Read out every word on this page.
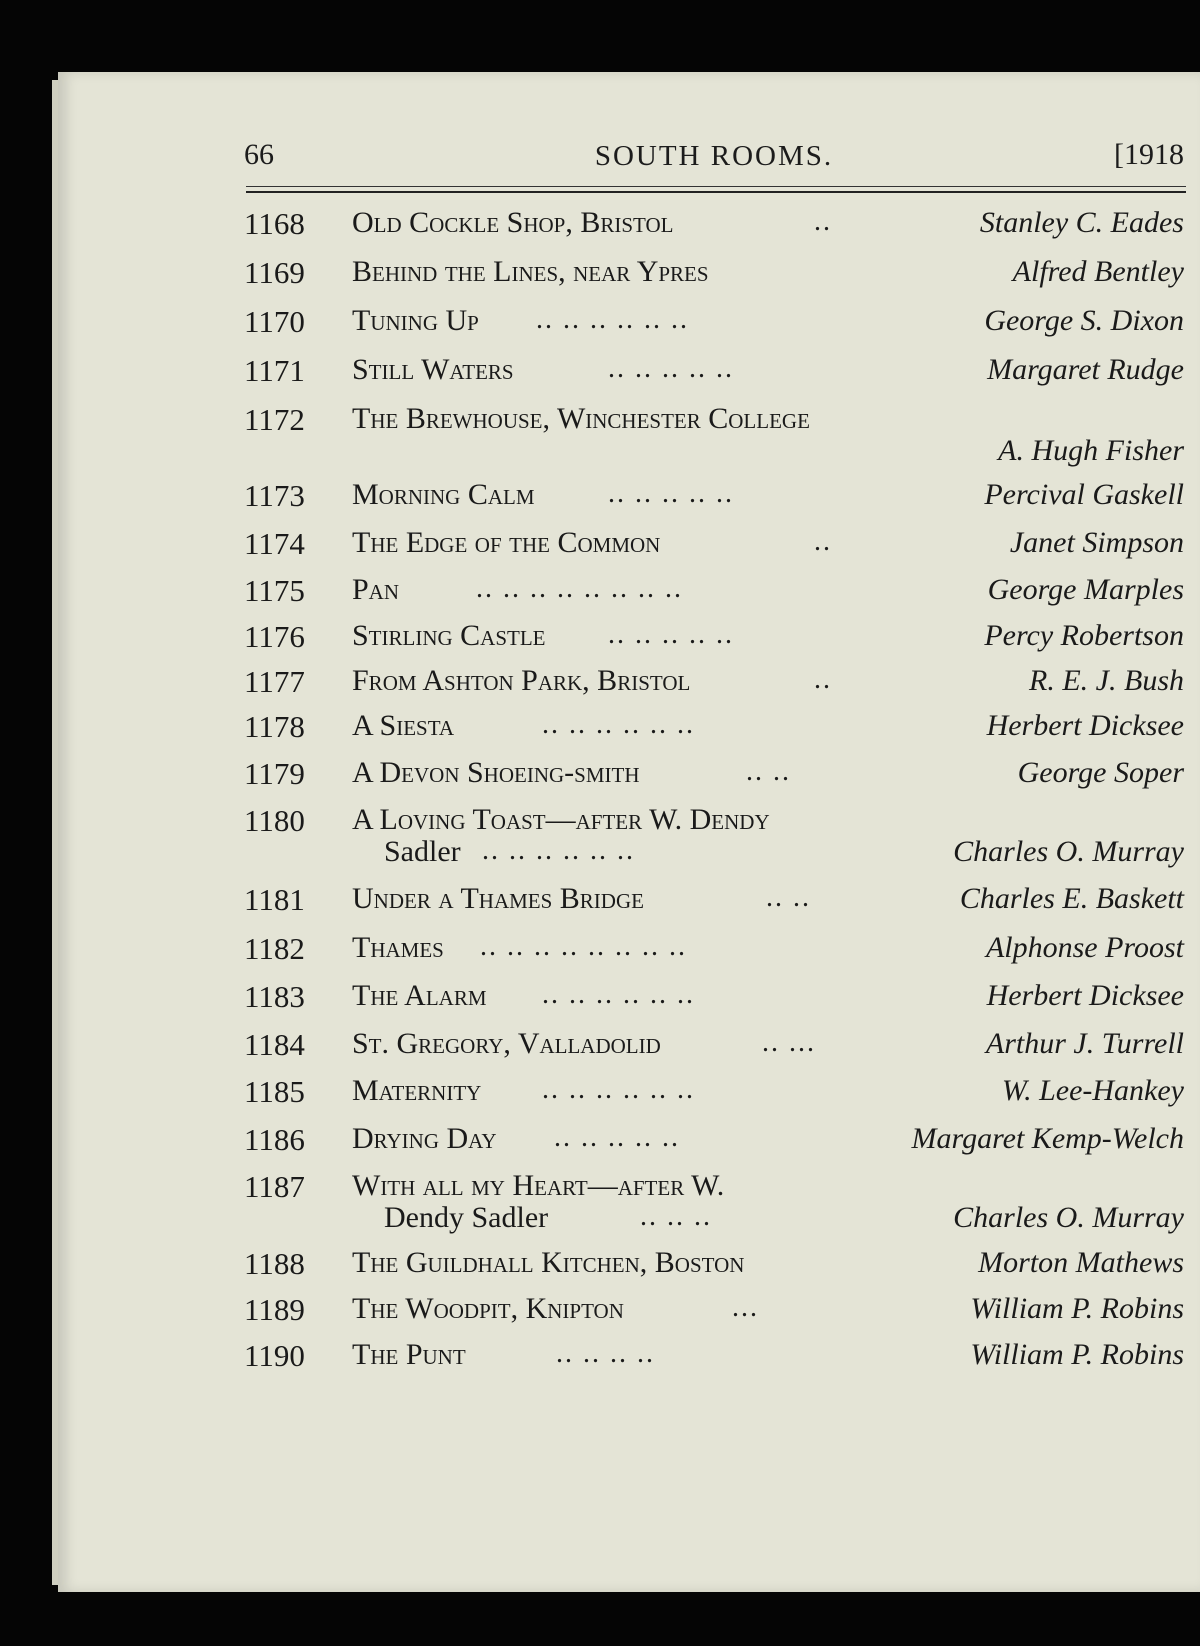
66	SOUTH ROOMS.	[1918
1168	Old Cockle Shop, Bristol	..	Stanley C. Eades
1169	Behind the Lines, near Ypres	Alfred Bentley
1170	Tuning Up .. .. .. .. .. ..	George S. Dixon
1171	Still Waters	.. .. .. .. ..	Margaret Rudge
1172	The Brewhouse, Winchester College
A. Hugh Fisher
1173	Morning Calm	.. .. .. .. ..	Percival Gaskell
1174	The Edge of the Common	..	Janet Simpson
1175	Pan	.. .. .. .. .. .. .. ..	George Marples
1176	Stirling Castle .. .. .. .. ..	Percy Robertson
1177	From Ashton Park, Bristol	..	R. E. J. Bush
1178	A Siesta	.. .. .. .. .. ..	Herbert Dicksee
1179	A Devon Shoeing-smith	.. ..	George Soper
1180	A Loving Toast—after W. Dendy
Sadler .. .. .. .. .. ..	Charles O. Murray
1181	Under a Thames Bridge	.. ..	Charles E. Baskett
1182	Thames .. .. .. .. .. .. .. ..	Alphonse Proost
1183	The Alarm .. .. .. .. .. ..	Herbert Dicksee
1184	St. Gregory, Valladolid	.. ...	Arthur J. Turrell
1185	Maternity .. .. .. .. .. ..	W. Lee-Hankey
1186	Drying Day .. .. .. .. ..	Margaret Kemp-Welch
1187	With all my Heart—after W.
Dendy Sadler	.. .. ..	Charles O. Murray
1188	The Guildhall Kitchen, Boston	Morton Mathews
1189	The Woodpit, Knipton	...	William P. Robins
1190	The Punt	.. .. .. ..	William P. Robins
